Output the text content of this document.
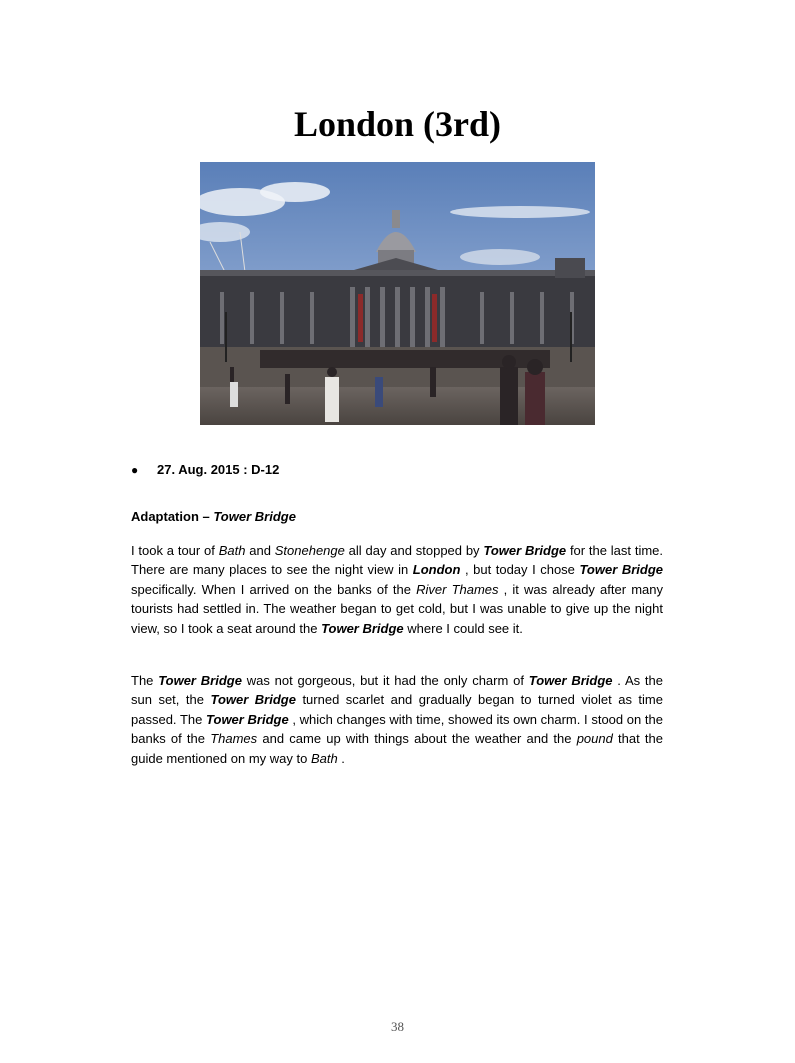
London (3rd)
● 27. Aug. 2015 : D-12
Adaptation – Tower Bridge

I took a tour of Bath and Stonehenge all day and stopped by Tower Bridge for the last time. There are many places to see the night view in London , but today I chose Tower Bridge specifically. When I arrived on the banks of the River Thames , it was already after many tourists had settled in. The weather began to get cold, but I was unable to give up the night view, so I took a seat around the Tower Bridge where I could see it.

The Tower Bridge was not gorgeous, but it had the only charm of Tower Bridge . As the sun set, the Tower Bridge turned scarlet and gradually began to turned violet as time passed. The Tower Bridge , which changes with time, showed its own charm. I stood on the banks of the Thames and came up with things about the weather and the pound that the guide mentioned on my way to Bath .

38
